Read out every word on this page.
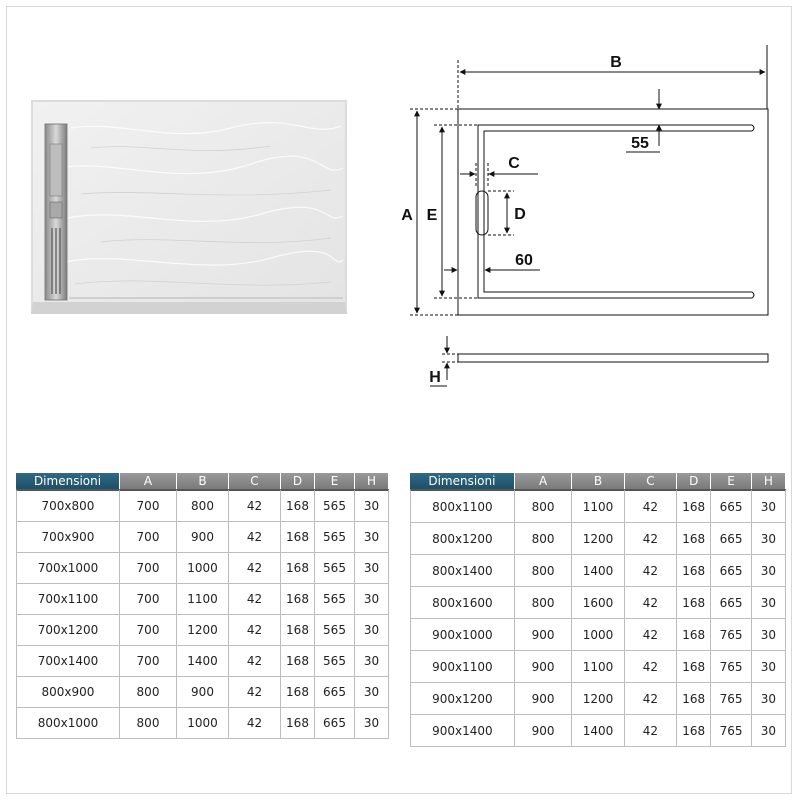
B
A E
55
C
D
60
H
Dimensioni	A	B	C	D	E	H
700x800	700	800	42	168	565	30
700x900	700	900	42	168	565	30
700x1000	700	1000	42	168	565	30
700x1100	700	1100	42	168	565	30
700x1200	700	1200	42	168	565	30
700x1400	700	1400	42	168	565	30
800x900	800	900	42	168	665	30
800x1000	800	1000	42	168	665	30
Dimensioni	A	B	C	D	E	H
800x1100	800	1100	42	168	665	30
800x1200	800	1200	42	168	665	30
800x1400	800	1400	42	168	665	30
800x1600	800	1600	42	168	665	30
900x1000	900	1000	42	168	765	30
900x1100	900	1100	42	168	765	30
900x1200	900	1200	42	168	765	30
900x1400	900	1400	42	168	765	30
